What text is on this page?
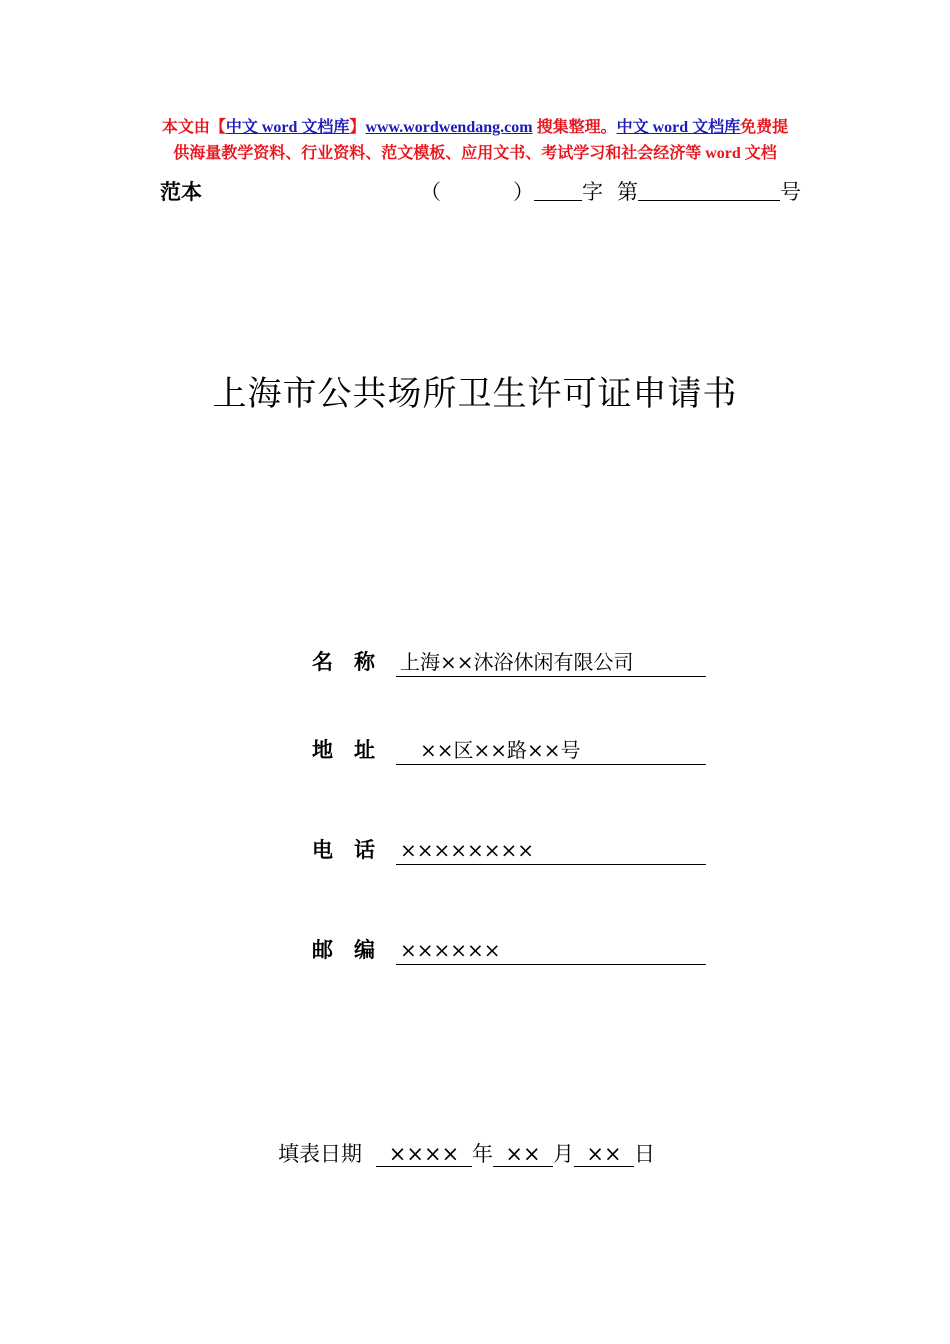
本文由【中文 word 文档库】www.wordwendang.com 搜集整理。中文 word 文档库免费提
供海量教学资料、行业资料、范文模板、应用文书、考试学习和社会经济等 word 文档
范本	（	） 字 第	号
上海市公共场所卫生许可证申请书
名　称 上海××沐浴休闲有限公司
地　址　××区××路××号
电　话 ××××××××
邮　编 ××××××
填表日期 ×××× 年 ×× 月 ×× 日
